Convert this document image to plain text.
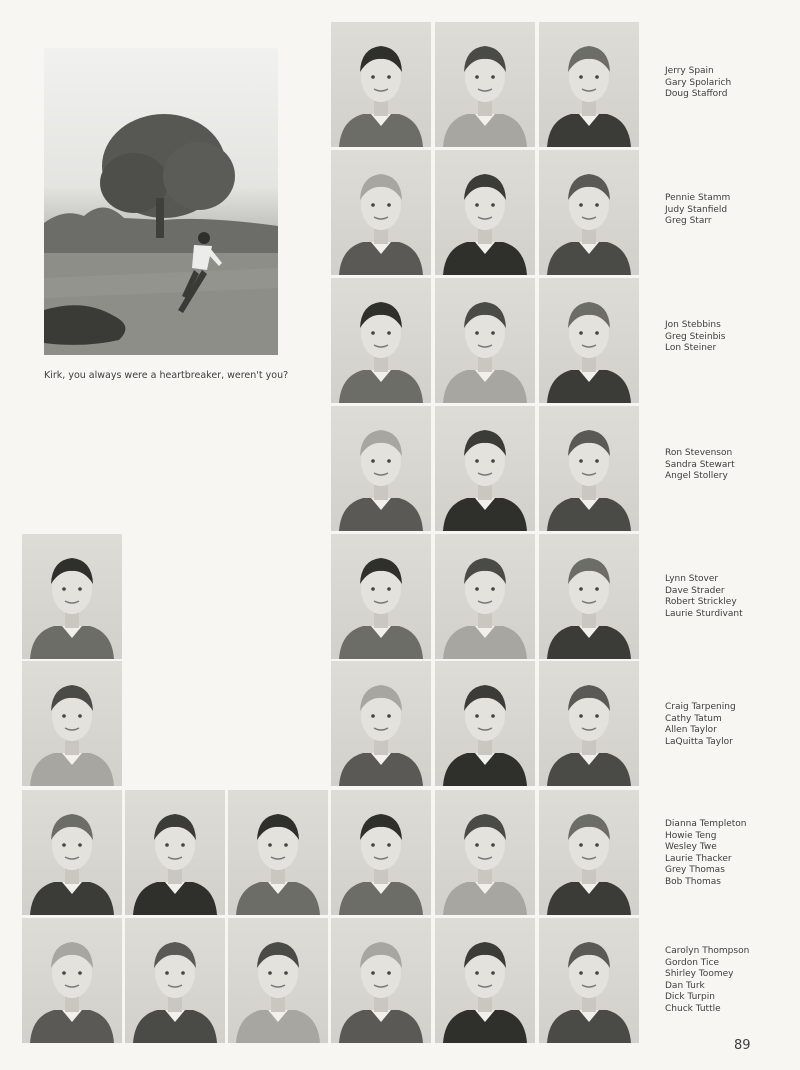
Kirk, you always were a heartbreaker, weren't you?
Jerry Spain
Gary Spolarich
Doug Stafford
Pennie Stamm
Judy Stanfield
Greg Starr
Jon Stebbins
Greg Steinbis
Lon Steiner
Ron Stevenson
Sandra Stewart
Angel Stollery
Lynn Stover
Dave Strader
Robert Strickley
Laurie Sturdivant
Craig Tarpening
Cathy Tatum
Allen Taylor
LaQuitta Taylor
Dianna Templeton
Howie Teng
Wesley Twe
Laurie Thacker
Grey Thomas
Bob Thomas
Carolyn Thompson
Gordon Tice
Shirley Toomey
Dan Turk
Dick Turpin
Chuck Tuttle
89
